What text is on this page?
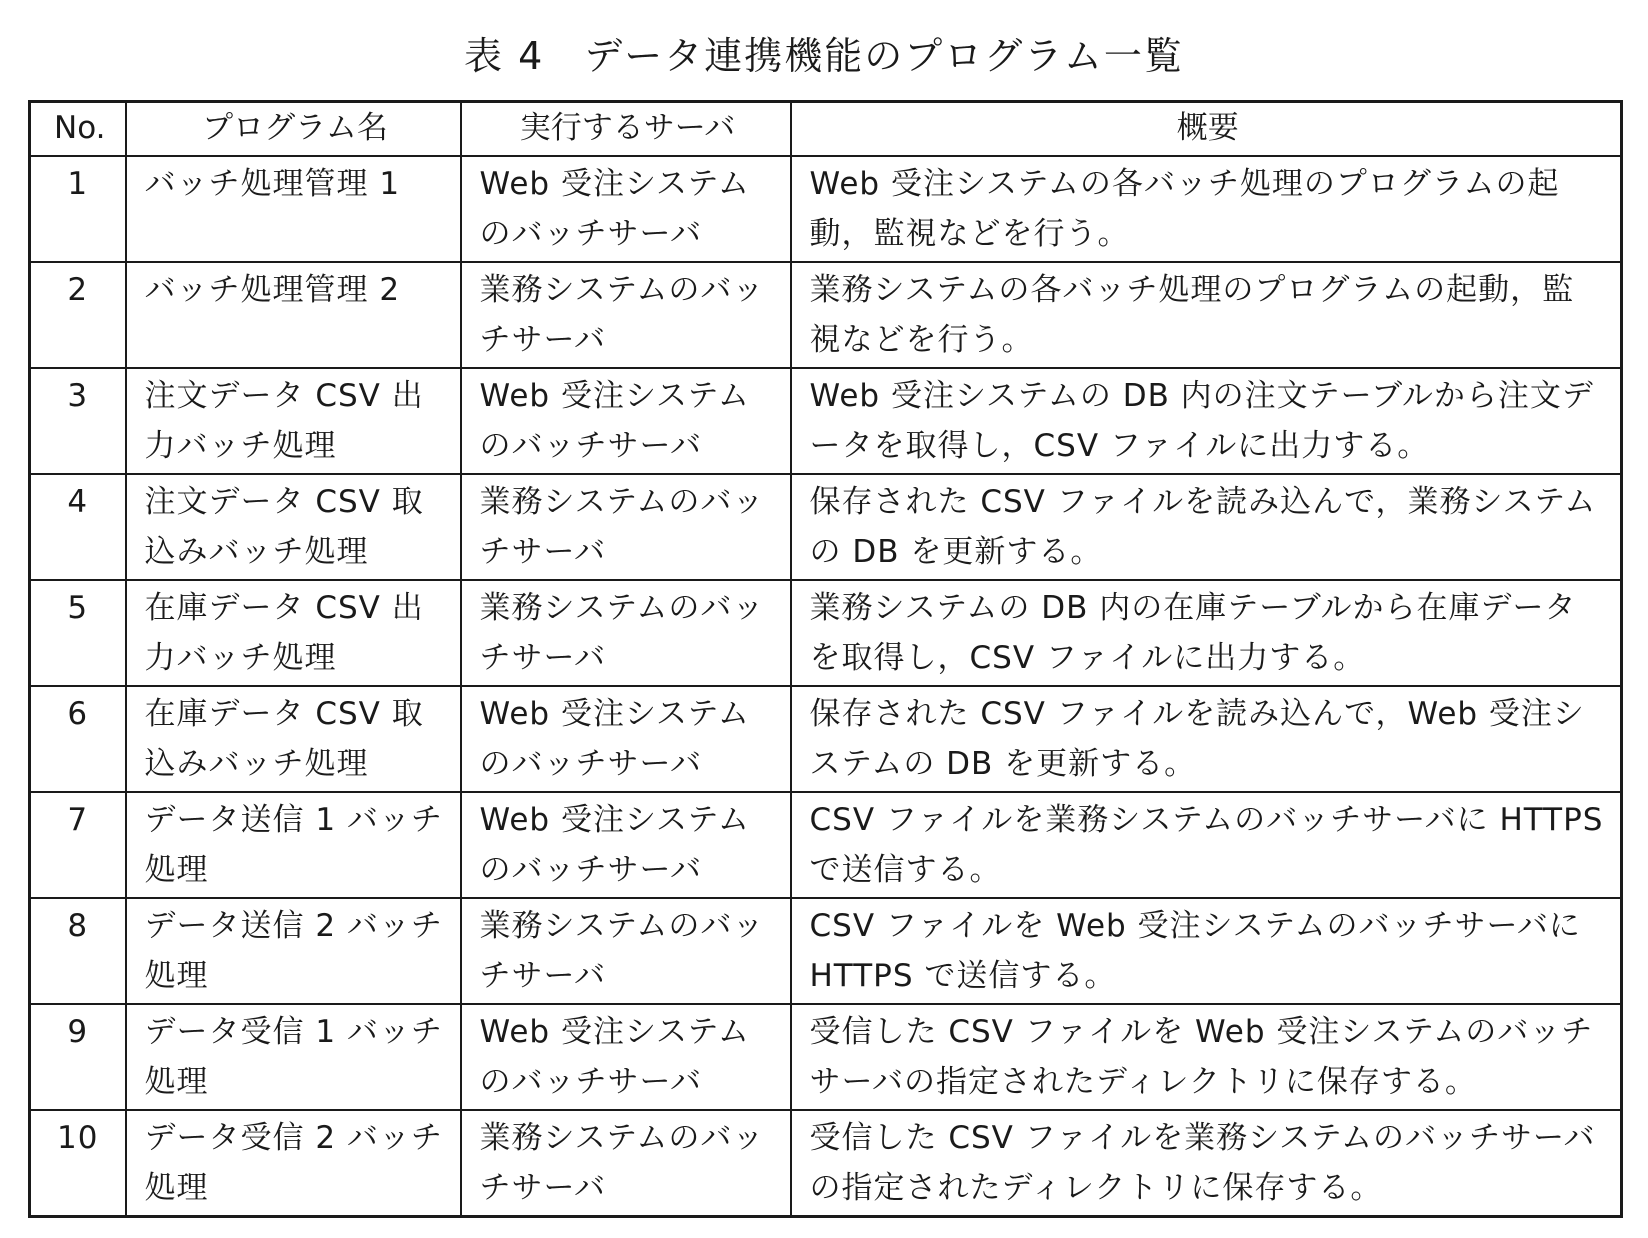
表 4　データ連携機能のプログラム一覧
No.	プログラム名	実行するサーバ	概要
1	バッチ処理管理 1	Web 受注システムのバッチサーバ	Web 受注システムの各バッチ処理のプログラムの起動，監視などを行う。
2	バッチ処理管理 2	業務システムのバッチサーバ	業務システムの各バッチ処理のプログラムの起動，監視などを行う。
3	注文データ CSV 出力バッチ処理	Web 受注システムのバッチサーバ	Web 受注システムの DB 内の注文テーブルから注文データを取得し，CSV ファイルに出力する。
4	注文データ CSV 取込みバッチ処理	業務システムのバッチサーバ	保存された CSV ファイルを読み込んで，業務システムの DB を更新する。
5	在庫データ CSV 出力バッチ処理	業務システムのバッチサーバ	業務システムの DB 内の在庫テーブルから在庫データを取得し，CSV ファイルに出力する。
6	在庫データ CSV 取込みバッチ処理	Web 受注システムのバッチサーバ	保存された CSV ファイルを読み込んで，Web 受注システムの DB を更新する。
7	データ送信 1 バッチ処理	Web 受注システムのバッチサーバ	CSV ファイルを業務システムのバッチサーバに HTTPS で送信する。
8	データ送信 2 バッチ処理	業務システムのバッチサーバ	CSV ファイルを Web 受注システムのバッチサーバに HTTPS で送信する。
9	データ受信 1 バッチ処理	Web 受注システムのバッチサーバ	受信した CSV ファイルを Web 受注システムのバッチサーバの指定されたディレクトリに保存する。
10	データ受信 2 バッチ処理	業務システムのバッチサーバ	受信した CSV ファイルを業務システムのバッチサーバの指定されたディレクトリに保存する。
